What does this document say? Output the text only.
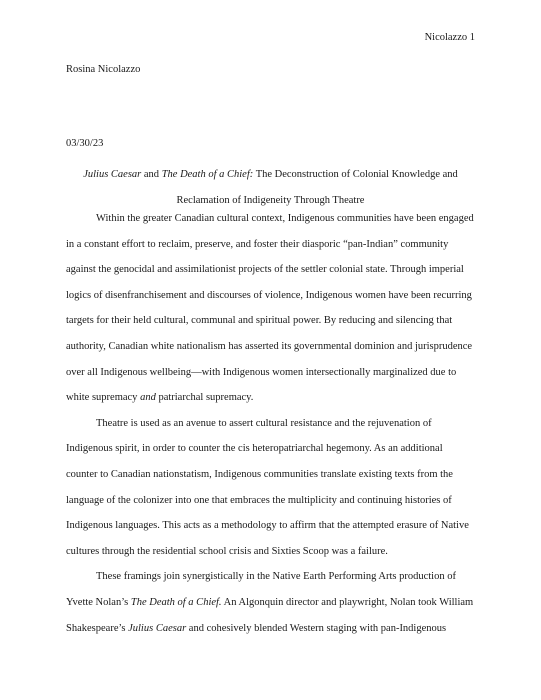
Nicolazzo 1
Rosina Nicolazzo
03/30/23
Julius Caesar and The Death of a Chief: The Deconstruction of Colonial Knowledge and
Reclamation of Indigeneity Through Theatre

Within the greater Canadian cultural context, Indigenous communities have been engaged
in a constant effort to reclaim, preserve, and foster their diasporic “pan-Indian” community
against the genocidal and assimilationist projects of the settler colonial state. Through imperial
logics of disenfranchisement and discourses of violence, Indigenous women have been recurring
targets for their held cultural, communal and spiritual power. By reducing and silencing that
authority, Canadian white nationalism has asserted its governmental dominion and jurisprudence
over all Indigenous wellbeing—with Indigenous women intersectionally marginalized due to
white supremacy and patriarchal supremacy.

Theatre is used as an avenue to assert cultural resistance and the rejuvenation of
Indigenous spirit, in order to counter the cis heteropatriarchal hegemony. As an additional
counter to Canadian nationstatism, Indigenous communities translate existing texts from the
language of the colonizer into one that embraces the multiplicity and continuing histories of
Indigenous languages. This acts as a methodology to affirm that the attempted erasure of Native
cultures through the residential school crisis and Sixties Scoop was a failure.

These framings join synergistically in the Native Earth Performing Arts production of
Yvette Nolan’s The Death of a Chief. An Algonquin director and playwright, Nolan took William
Shakespeare’s Julius Caesar and cohesively blended Western staging with pan-Indigenous
